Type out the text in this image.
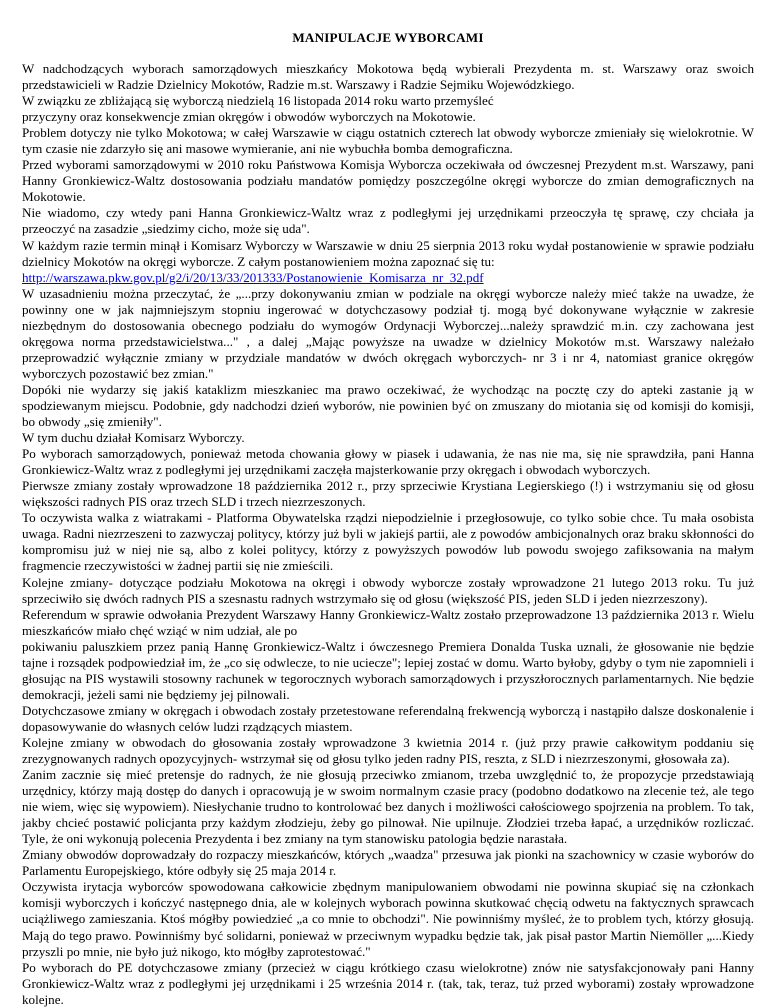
MANIPULACJE WYBORCAMI

W nadchodzących wyborach samorządowych mieszkańcy Mokotowa będą wybierali Prezydenta m. st. Warszawy oraz swoich przedstawicieli w Radzie Dzielnicy Mokotów, Radzie m.st. Warszawy i Radzie Sejmiku Wojewódzkiego.

W związku ze zbliżającą się wyborczą niedzielą 16 listopada 2014 roku warto przemyśleć

przyczyny oraz konsekwencje zmian okręgów i obwodów wyborczych na Mokotowie.

Problem dotyczy nie tylko Mokotowa; w całej Warszawie w ciągu ostatnich czterech lat obwody wyborcze zmieniały się wielokrotnie. W tym czasie nie zdarzyło się ani masowe wymieranie, ani nie wybuchła bomba demograficzna.

Przed wyborami samorządowymi w 2010 roku Państwowa Komisja Wyborcza oczekiwała od ówczesnej Prezydent m.st. Warszawy, pani Hanny Gronkiewicz-Waltz dostosowania podziału mandatów pomiędzy poszczególne okręgi wyborcze do zmian demograficznych na Mokotowie.

Nie wiadomo, czy wtedy pani Hanna Gronkiewicz-Waltz wraz z podległymi jej urzędnikami przeoczyła tę sprawę, czy chciała ja przeoczyć na zasadzie „siedzimy cicho, może się uda".

W każdym razie termin minął i Komisarz Wyborczy w Warszawie w dniu 25 sierpnia 2013 roku wydał postanowienie w sprawie podziału dzielnicy Mokotów na okręgi wyborcze. Z całym postanowieniem można zapoznać się tu:

http://warszawa.pkw.gov.pl/g2/i/20/13/33/201333/Postanowienie_Komisarza_nr_32.pdf

W uzasadnieniu można przeczytać, że „...przy dokonywaniu zmian w podziale na okręgi wyborcze należy mieć także na uwadze, że powinny one w jak najmniejszym stopniu ingerować w dotychczasowy podział tj. mogą być dokonywane wyłącznie w zakresie niezbędnym do dostosowania obecnego podziału do wymogów Ordynacji Wyborczej...należy sprawdzić m.in. czy zachowana jest okręgowa norma przedstawicielstwa..." , a dalej „Mając powyższe na uwadze w dzielnicy Mokotów m.st. Warszawy należało przeprowadzić wyłącznie zmiany w przydziale mandatów w dwóch okręgach wyborczych- nr 3 i nr 4, natomiast granice okręgów wyborczych pozostawić bez zmian."

Dopóki nie wydarzy się jakiś kataklizm mieszkaniec ma prawo oczekiwać, że wychodząc na pocztę czy do apteki zastanie ją w spodziewanym miejscu. Podobnie, gdy nadchodzi dzień wyborów, nie powinien być on zmuszany do miotania się od komisji do komisji, bo obwody „się zmieniły".

W tym duchu działał Komisarz Wyborczy.

Po wyborach samorządowych, ponieważ metoda chowania głowy w piasek i udawania, że nas nie ma, się nie sprawdziła, pani Hanna Gronkiewicz-Waltz wraz z podległymi jej urzędnikami zaczęła majsterkowanie przy okręgach i obwodach wyborczych.

Pierwsze zmiany zostały wprowadzone 18 października 2012 r., przy sprzeciwie Krystiana Legierskiego (!) i wstrzymaniu się od głosu większości radnych PIS oraz trzech SLD i trzech niezrzeszonych.

To oczywista walka z wiatrakami - Platforma Obywatelska rządzi niepodzielnie i przegłosowuje, co tylko sobie chce. Tu mała osobista uwaga. Radni niezrzeszeni to zazwyczaj politycy, którzy już byli w jakiejś partii, ale z powodów ambicjonalnych oraz braku skłonności do kompromisu już w niej nie są, albo z kolei politycy, którzy z powyższych powodów lub powodu swojego zafiksowania na małym fragmencie rzeczywistości w żadnej partii się nie zmieścili.

Kolejne zmiany- dotyczące podziału Mokotowa na okręgi i obwody wyborcze zostały wprowadzone 21 lutego 2013 roku. Tu już sprzeciwiło się dwóch radnych PIS a szesnastu radnych wstrzymało się od głosu (większość PIS, jeden SLD i jeden niezrzeszony).

Referendum w sprawie odwołania Prezydent Warszawy Hanny Gronkiewicz-Waltz zostało przeprowadzone 13 października 2013 r. Wielu mieszkańców miało chęć wziąć w nim udział, ale po

pokiwaniu paluszkiem przez panią Hannę Gronkiewicz-Waltz i ówczesnego Premiera Donalda Tuska uznali, że głosowanie nie będzie tajne i rozsądek podpowiedział im, że „co się odwlecze, to nie uciecze"; lepiej zostać w domu. Warto byłoby, gdyby o tym nie zapomnieli i głosując na PIS wystawili stosowny rachunek w tegorocznych wyborach samorządowych i przyszłorocznych parlamentarnych. Nie będzie demokracji, jeżeli sami nie będziemy jej pilnowali.

Dotychczasowe zmiany w okręgach i obwodach zostały przetestowane referendalną frekwencją wyborczą i nastąpiło dalsze doskonalenie i dopasowywanie do własnych celów ludzi rządzących miastem.

Kolejne zmiany w obwodach do głosowania zostały wprowadzone 3 kwietnia 2014 r. (już przy prawie całkowitym poddaniu się zrezygnowanych radnych opozycyjnych- wstrzymał się od głosu tylko jeden radny PIS, reszta, z SLD i niezrzeszonymi, głosowała za).

Zanim zacznie się mieć pretensje do radnych, że nie głosują przeciwko zmianom, trzeba uwzględnić to, że propozycje przedstawiają urzędnicy, którzy mają dostęp do danych i opracowują je w swoim normalnym czasie pracy (podobno dodatkowo na zlecenie też, ale tego nie wiem, więc się wypowiem). Niesłychanie trudno to kontrolować bez danych i możliwości całościowego spojrzenia na problem. To tak, jakby chcieć postawić policjanta przy każdym złodzieju, żeby go pilnował. Nie upilnuje. Złodziei trzeba łapać, a urzędników rozliczać. Tyle, że oni wykonują polecenia Prezydenta i bez zmiany na tym stanowisku patologia będzie narastała.

Zmiany obwodów doprowadzały do rozpaczy mieszkańców, których „waadza" przesuwa jak pionki na szachownicy w czasie wyborów do Parlamentu Europejskiego, które odbyły się 25 maja 2014 r.

Oczywista irytacja wyborców spowodowana całkowicie zbędnym manipulowaniem obwodami nie powinna skupiać się na członkach komisji wyborczych i kończyć następnego dnia, ale w kolejnych wyborach powinna skutkować chęcią odwetu na faktycznych sprawcach uciążliwego zamieszania. Ktoś mógłby powiedzieć „a co mnie to obchodzi". Nie powinniśmy myśleć, że to problem tych, którzy głosują. Mają do tego prawo. Powinniśmy być solidarni, ponieważ w przeciwnym wypadku będzie tak, jak pisał pastor Martin Niemöller „...Kiedy przyszli po mnie, nie było już nikogo, kto mógłby zaprotestować."

Po wyborach do PE dotychczasowe zmiany (przecież w ciągu krótkiego czasu wielokrotne) znów nie satysfakcjonowały pani Hanny Gronkiewicz-Waltz wraz z podległymi jej urzędnikami i 25 września 2014 r. (tak, tak, teraz, tuż przed wyborami) zostały wprowadzone kolejne.
